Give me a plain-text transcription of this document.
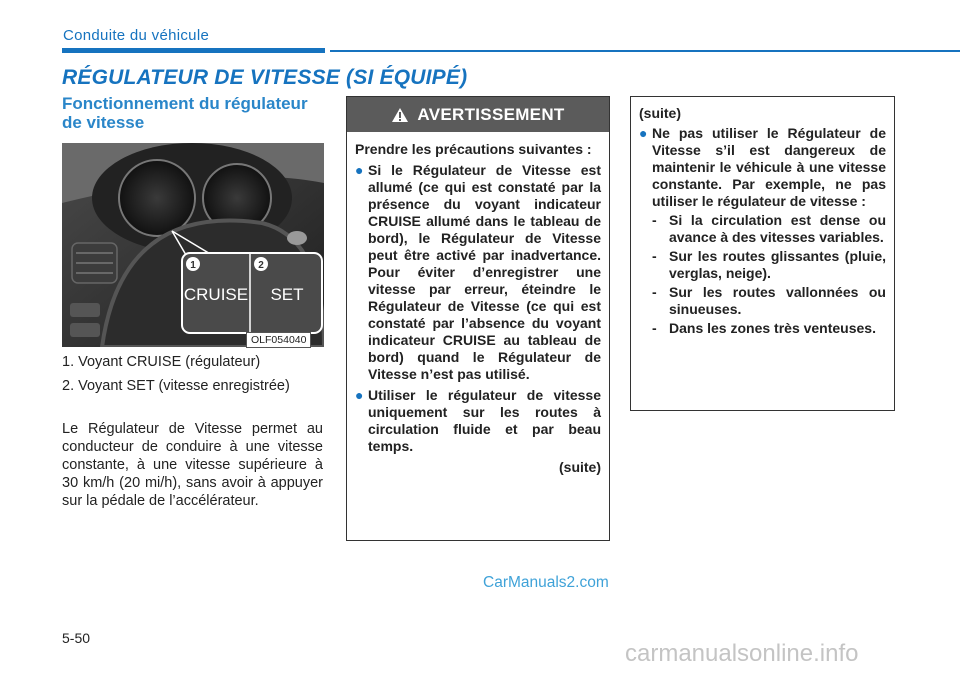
Conduite du véhicule
RÉGULATEUR DE VITESSE (SI ÉQUIPÉ)
Fonctionnement du régulateur de vitesse
1	2
CRUISE SET
OLF054040
1. Voyant CRUISE (régulateur)
2. Voyant SET (vitesse enregistrée)
Le Régulateur de Vitesse permet au conducteur de conduire à une vitesse constante, à une vitesse supérieure à 30 km/h (20 mi/h), sans avoir à appuyer sur la pédale de l’accélérateur.
AVERTISSEMENT

Prendre les précautions suivantes :

● Si le Régulateur de Vitesse est allumé (ce qui est constaté par la présence du voyant indicateur CRUISE allumé dans le tableau de bord), le Régulateur de Vitesse peut être activé par inadvertance. Pour éviter d’enregistrer une vitesse par erreur, éteindre le Régulateur de Vitesse (ce qui est constaté par l’absence du voyant indicateur CRUISE au tableau de bord) quand le Régulateur de Vitesse n’est pas utilisé.

● Utiliser le régulateur de vitesse uniquement sur les routes à circulation fluide et par beau temps.

(suite)

(suite)

● Ne pas utiliser le Régulateur de Vitesse s’il est dangereux de maintenir le véhicule à une vitesse constante. Par exemple, ne pas utiliser le régulateur de vitesse :

- Si la circulation est dense ou avance à des vitesses variables.

- Sur les routes glissantes (pluie, verglas, neige).

- Sur les routes vallonnées ou sinueuses.

- Dans les zones très venteuses.

CarManuals2.com
5-50
carmanualsonline.info
